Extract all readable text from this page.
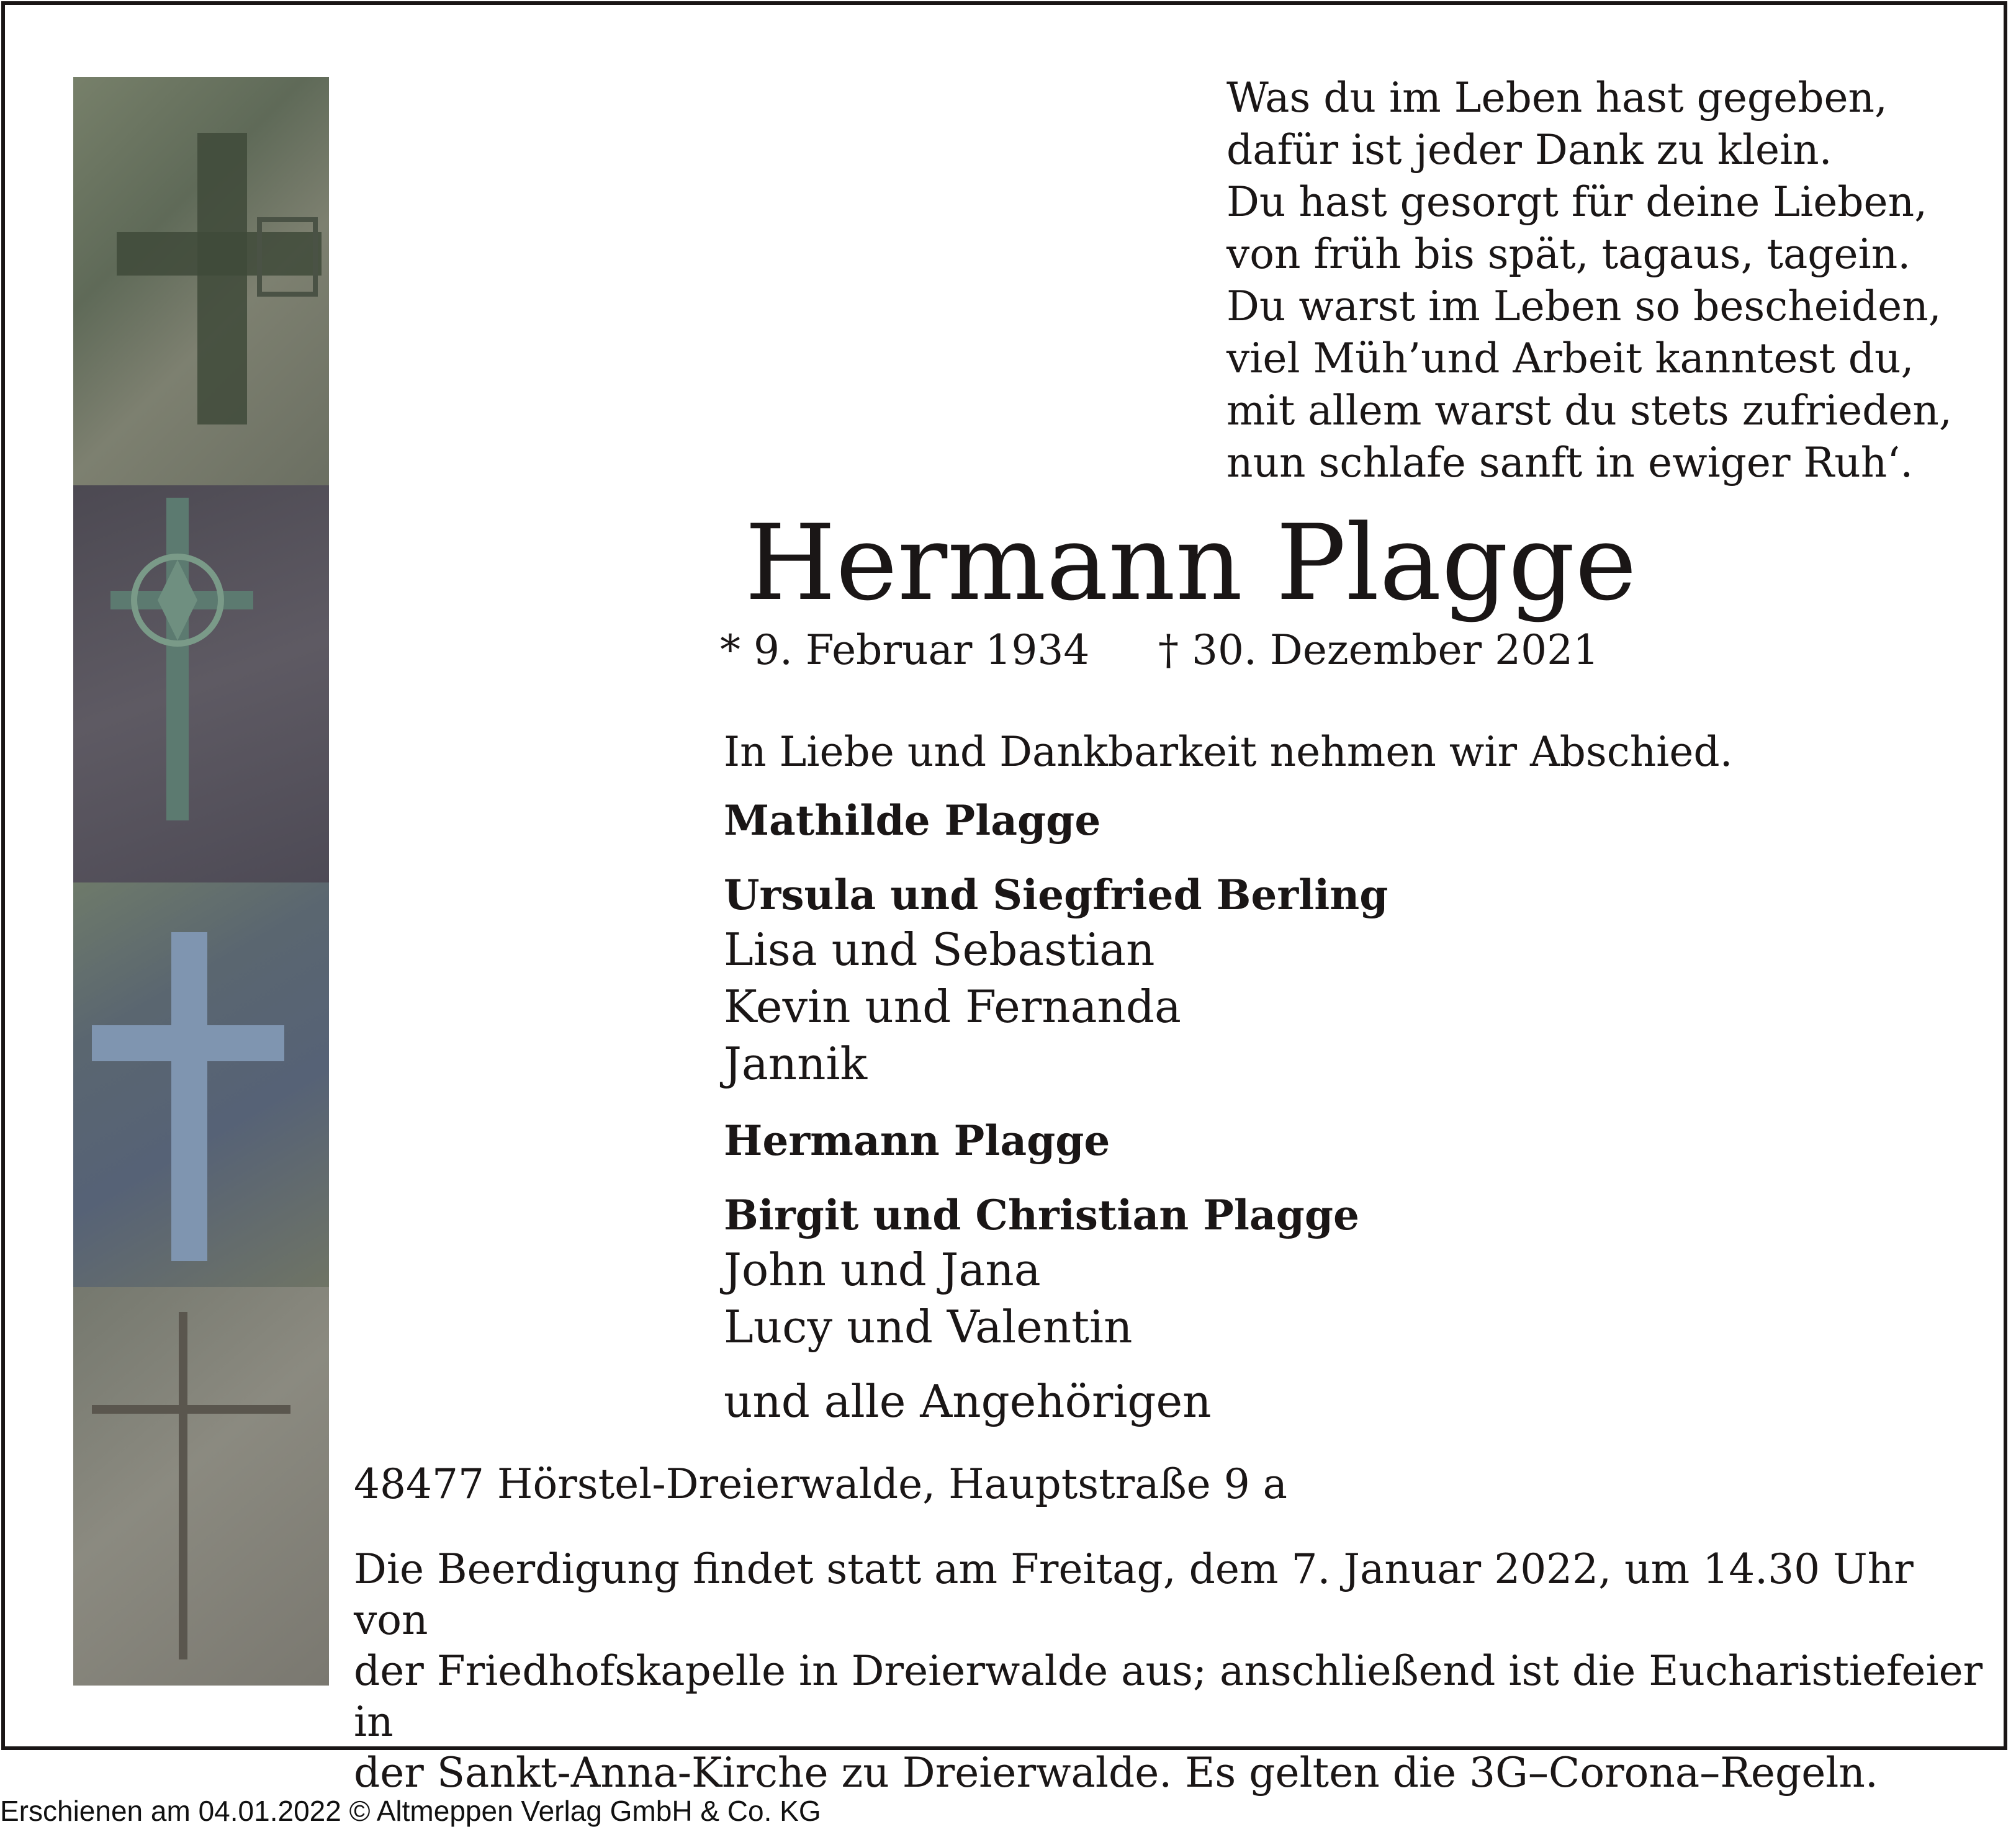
Was du im Leben hast gegeben,
dafür ist jeder Dank zu klein.
Du hast gesorgt für deine Lieben,
von früh bis spät, tagaus, tagein.
Du warst im Leben so bescheiden,
viel Müh’und Arbeit kanntest du,
mit allem warst du stets zufrieden,
nun schlafe sanft in ewiger Ruh‘.
Hermann Plagge
* 9. Februar 1934 † 30. Dezember 2021
In Liebe und Dankbarkeit nehmen wir Abschied.
Mathilde Plagge
Ursula und Siegfried Berling
Lisa und Sebastian
Kevin und Fernanda
Jannik
Hermann Plagge
Birgit und Christian Plagge
John und Jana
Lucy und Valentin
und alle Angehörigen
48477 Hörstel-Dreierwalde, Hauptstraße 9 a
Die Beerdigung findet statt am Freitag, dem 7. Januar 2022, um 14.30 Uhr von
der Friedhofskapelle in Dreierwalde aus; anschließend ist die Eucharistiefeier in
der Sankt-Anna-Kirche zu Dreierwalde. Es gelten die 3G–Corona–Regeln.
Erschienen am 04.01.2022 © Altmeppen Verlag GmbH & Co. KG
